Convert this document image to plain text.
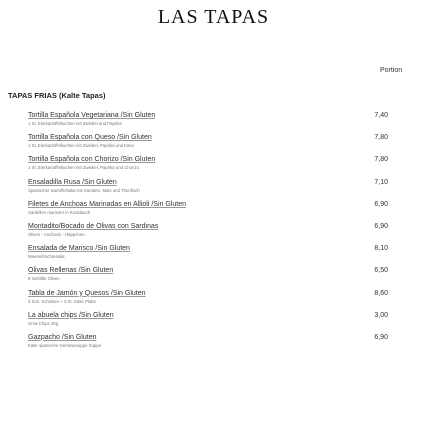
LAS TAPAS
Portion
TAPAS FRIAS (Kalte Tapas)
Tortilla Española Vegetariana /Sin Gluten
1 St. Eierkartoffelkuchen mit Zwiebel und Paprika
7,40
Tortilla Española con Queso /Sin Gluten
1 St. Eierkartoffelkuchen mit Zwiebel, Paprika und Käse
7,80
Tortilla Española con Chorizo /Sin Gluten
1 St. Eierkartoffelkuchen mit Zwiebel, Paprika und Chorizo
7,80
Ensaladilla Rusa /Sin Gluten
Spanischer Kartoffelsalat mit Karotten, Mais und Thunfisch
7,10
Filetes de Anchoas Marinadas en Allioli /Sin Gluten
Sardellen mariniert in Knoblauch
6,90
Montadito/Bocado de Olivas con Sardinas
Oliven - Anchovis - Häppchen
6,90
Ensalada de Marisco /Sin Gluten
Meeresfrüchtesalat
8,10
Olivas Rellenas /Sin Gluten
8 Gefüllte Oliven
6,50
Tabla de Jamón y Quesos /Sin Gluten
3 Sch. Schinken + 3 St. Käse Platte
8,60
La abuela chips /Sin Gluten
Oma-Chips 30g
3,00
Gazpacho /Sin Gluten
Kalte spanische Gemüsesuppe Suppe
6,90
